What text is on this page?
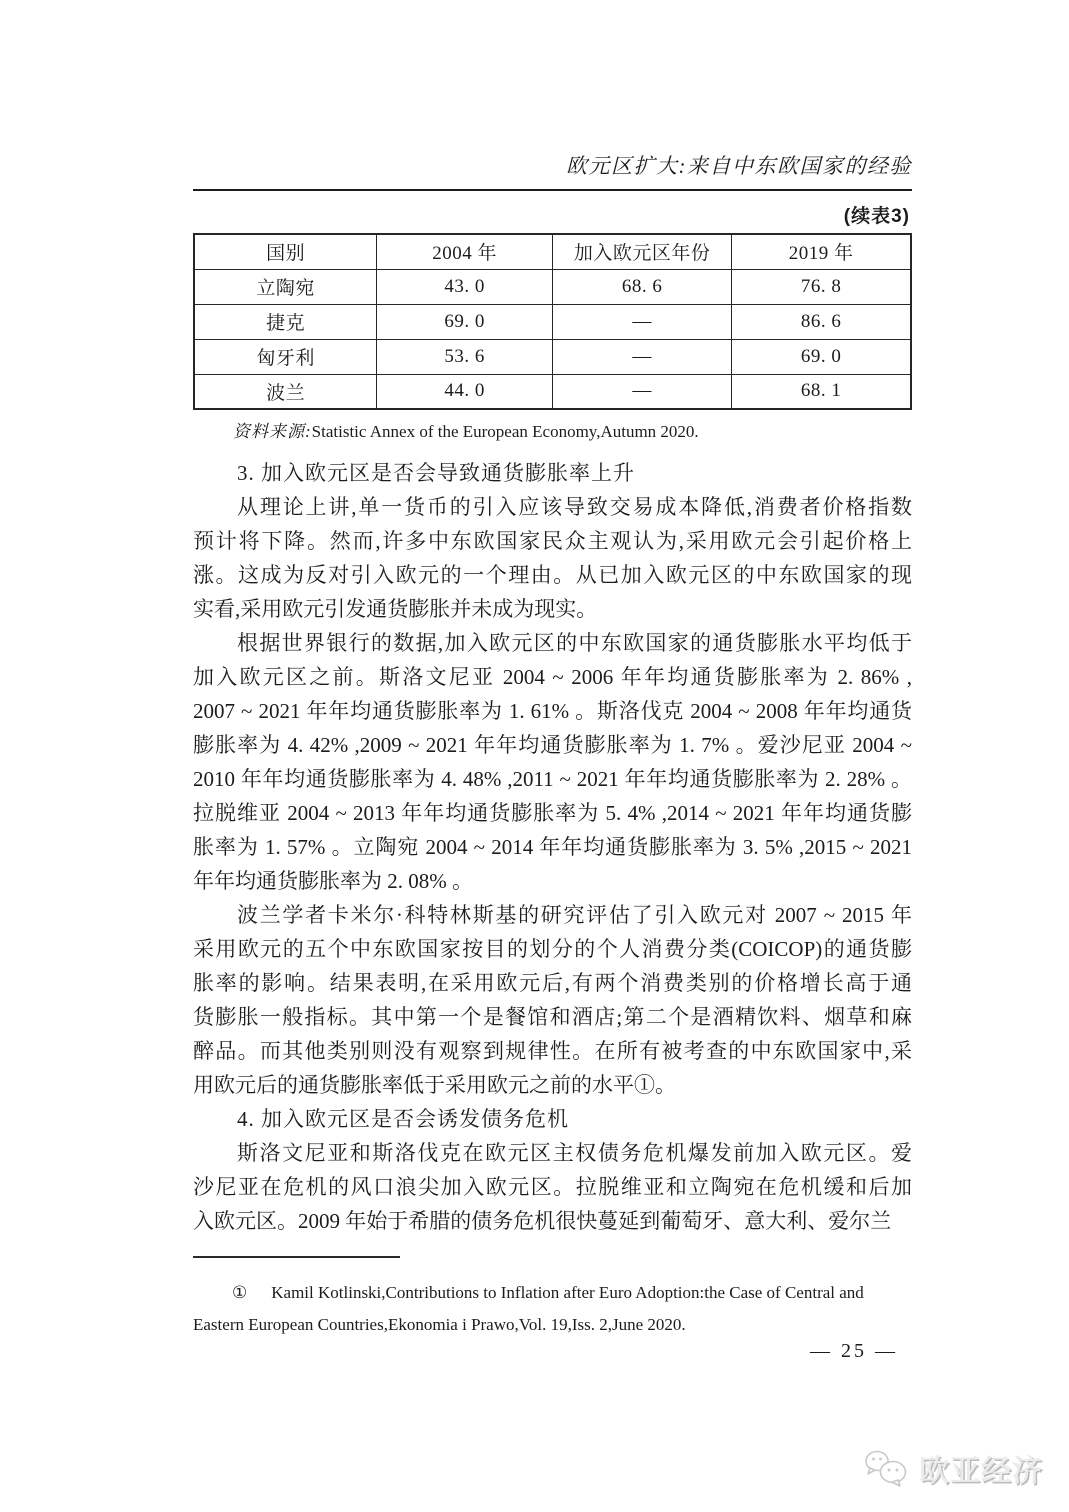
欧元区扩大:来自中东欧国家的经验
(续表3)
国别	2004 年	加入欧元区年份	2019 年
立陶宛	43. 0	68. 6	76. 8
捷克	69. 0	—	86. 6
匈牙利	53. 6	—	69. 0
波兰	44. 0	—	68. 1
资料来源:Statistic Annex of the European Economy,Autumn 2020.
3. 加入欧元区是否会导致通货膨胀率上升
从理论上讲,单一货币的引入应该导致交易成本降低,消费者价格指数
预计将下降。然而,许多中东欧国家民众主观认为,采用欧元会引起价格上
涨。这成为反对引入欧元的一个理由。从已加入欧元区的中东欧国家的现
实看,采用欧元引发通货膨胀并未成为现实。
根据世界银行的数据,加入欧元区的中东欧国家的通货膨胀水平均低于
加入欧元区之前。斯洛文尼亚 2004 ~ 2006 年年均通货膨胀率为 2. 86% ,
2007 ~ 2021 年年均通货膨胀率为 1. 61% 。斯洛伐克 2004 ~ 2008 年年均通货
膨胀率为 4. 42% ,2009 ~ 2021 年年均通货膨胀率为 1. 7% 。爱沙尼亚 2004 ~
2010 年年均通货膨胀率为 4. 48% ,2011 ~ 2021 年年均通货膨胀率为 2. 28% 。
拉脱维亚 2004 ~ 2013 年年均通货膨胀率为 5. 4% ,2014 ~ 2021 年年均通货膨
胀率为 1. 57% 。立陶宛 2004 ~ 2014 年年均通货膨胀率为 3. 5% ,2015 ~ 2021
年年均通货膨胀率为 2. 08% 。
波兰学者卡米尔·科特林斯基的研究评估了引入欧元对 2007 ~ 2015 年
采用欧元的五个中东欧国家按目的划分的个人消费分类(COICOP)的通货膨
胀率的影响。结果表明,在采用欧元后,有两个消费类别的价格增长高于通
货膨胀一般指标。其中第一个是餐馆和酒店;第二个是酒精饮料、烟草和麻
醉品。而其他类别则没有观察到规律性。在所有被考查的中东欧国家中,采
用欧元后的通货膨胀率低于采用欧元之前的水平①。
4. 加入欧元区是否会诱发债务危机
斯洛文尼亚和斯洛伐克在欧元区主权债务危机爆发前加入欧元区。爱
沙尼亚在危机的风口浪尖加入欧元区。拉脱维亚和立陶宛在危机缓和后加
入欧元区。2009 年始于希腊的债务危机很快蔓延到葡萄牙、意大利、爱尔兰
① Kamil Kotlinski,Contributions to Inflation after Euro Adoption:the Case of Central and
Eastern European Countries,Ekonomia i Prawo,Vol. 19,Iss. 2,June 2020.
— 25 —
欧亚经济
